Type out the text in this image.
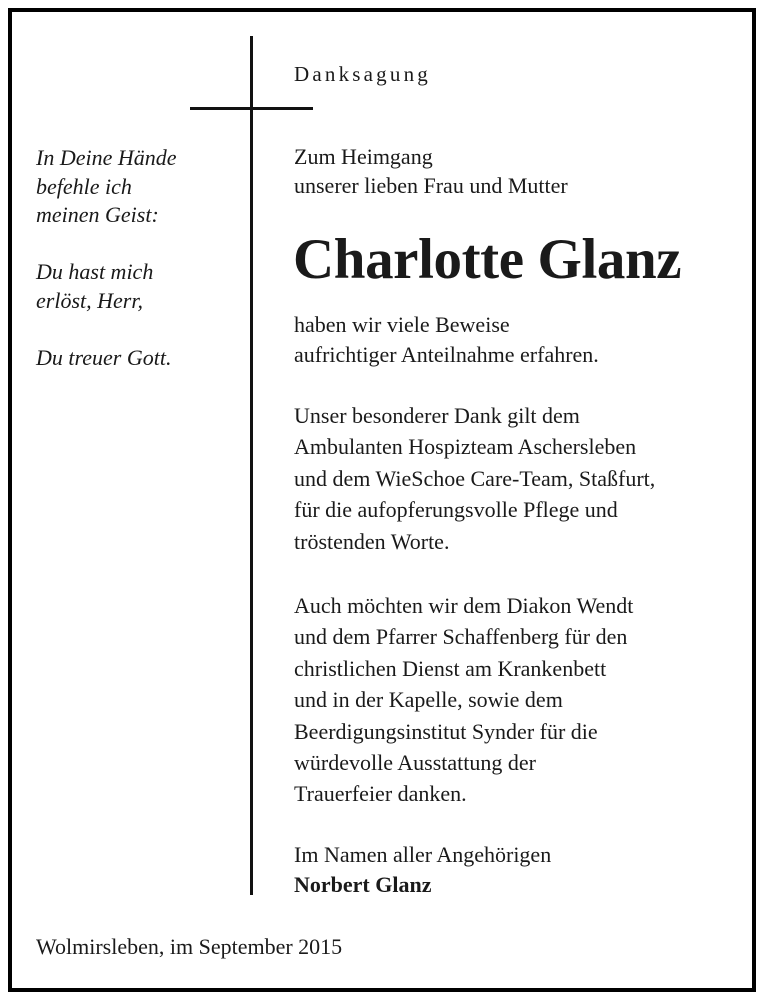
Danksagung
In Deine Hände
befehle ich
meinen Geist:
Du hast mich
erlöst, Herr,
Du treuer Gott.
Zum Heimgang
unserer lieben Frau und Mutter
Charlotte Glanz
haben wir viele Beweise
aufrichtiger Anteilnahme erfahren.
Unser besonderer Dank gilt dem
Ambulanten Hospizteam Aschersleben
und dem WieSchoe Care-Team, Staßfurt,
für die aufopferungsvolle Pflege und
tröstenden Worte.
Auch möchten wir dem Diakon Wendt
und dem Pfarrer Schaffenberg für den
christlichen Dienst am Krankenbett
und in der Kapelle, sowie dem
Beerdigungsinstitut Synder für die
würdevolle Ausstattung der
Trauerfeier danken.
Im Namen aller Angehörigen
Norbert Glanz
Wolmirsleben, im September 2015
